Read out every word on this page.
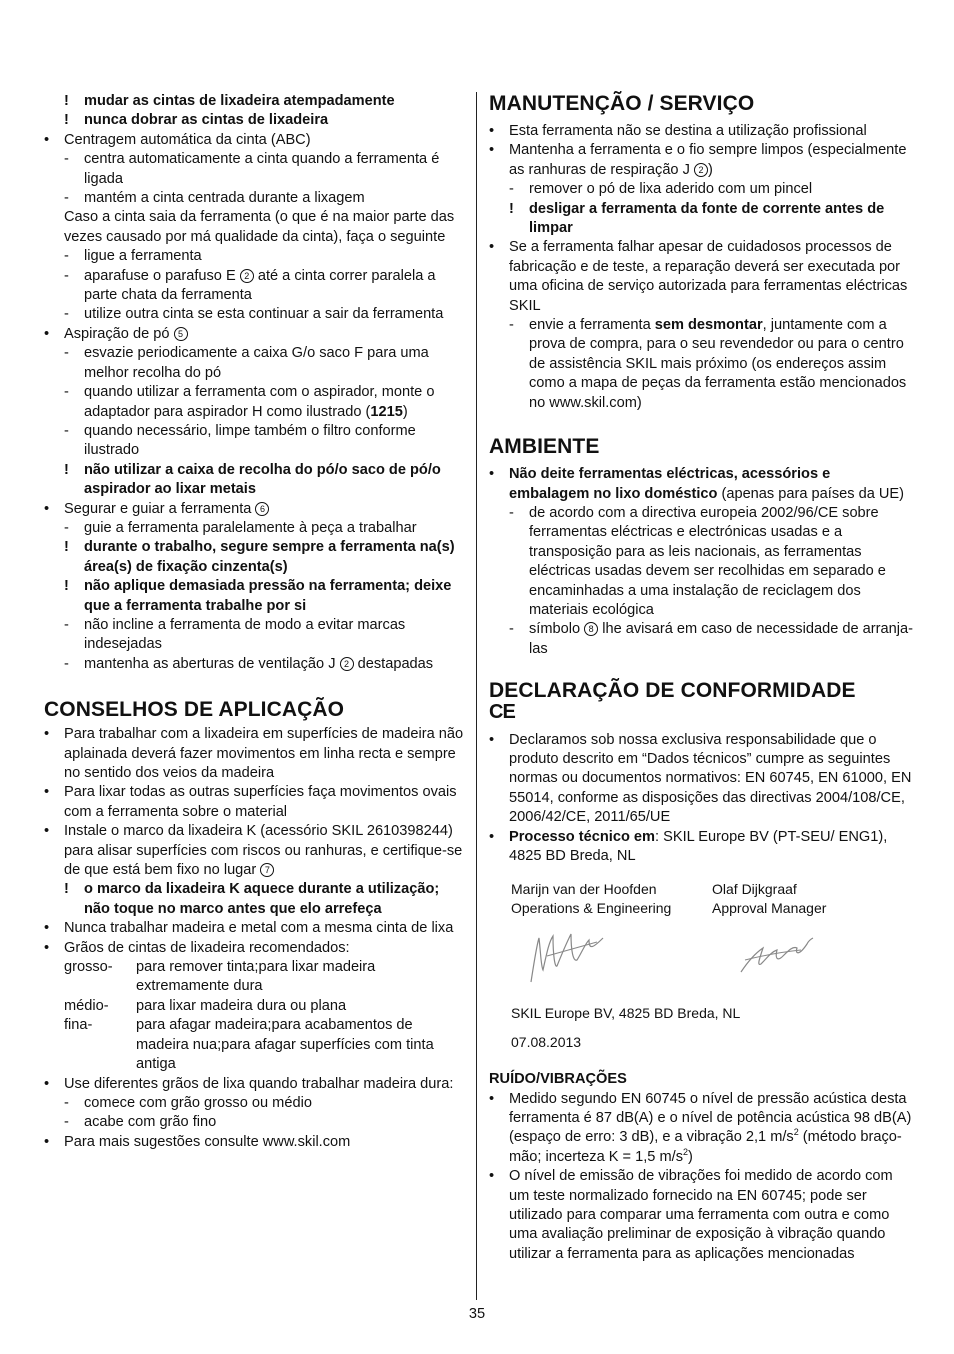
!	mudar as cintas de lixadeira atempadamente
!	nunca dobrar as cintas de lixadeira
•	Centragem automática da cinta (ABC)
-	centra automaticamente a cinta quando a ferramenta é ligada
-	mantém a cinta centrada durante a lixagem
Caso a cinta saia da ferramenta (o que é na maior parte das vezes causado por má qualidade da cinta), faça o seguinte
-	ligue a ferramenta
-	aparafuse o parafuso E 2 até a cinta correr paralela a parte chata da ferramenta
-	utilize outra cinta se esta continuar a sair da ferramenta
•	Aspiração de pó 5
-	esvazie periodicamente a caixa G/o saco F para uma melhor recolha do pó
-	quando utilizar a ferramenta com o aspirador, monte o adaptador para aspirador H como ilustrado (1215)
-	quando necessário, limpe também o filtro conforme ilustrado
!	não utilizar a caixa de recolha do pó/o saco de pó/o aspirador ao lixar metais
•	Segurar e guiar a ferramenta 6
-	guie a ferramenta paralelamente à peça a trabalhar
!	durante o trabalho, segure sempre a ferramenta na(s) área(s) de fixação cinzenta(s)
!	não aplique demasiada pressão na ferramenta; deixe que a ferramenta trabalhe por si
-	não incline a ferramenta de modo a evitar marcas indesejadas
-	mantenha as aberturas de ventilação J 2 destapadas
CONSELHOS DE APLICAÇÃO
•	Para trabalhar com a lixadeira em superfícies de madeira não aplainada deverá fazer movimentos em linha recta e sempre no sentido dos veios da madeira
•	Para lixar todas as outras superfícies faça movimentos ovais com a ferramenta sobre o material
•	Instale o marco da lixadeira K (acessório SKIL 2610398244) para alisar superfícies com riscos ou ranhuras, e certifique-se de que está bem fixo no lugar 7
!	o marco da lixadeira K aquece durante a utilização; não toque no marco antes que elo arrefeça
•	Nunca trabalhar madeira e metal com a mesma cinta de lixa
•	Grãos de cintas de lixadeira recomendados:
grosso-	para remover tinta;para lixar madeira extremamente dura
médio-	para lixar madeira dura ou plana
fina-	para afagar madeira;para acabamentos de madeira nua;para afagar superfícies com tinta antiga
•	Use diferentes grãos de lixa quando trabalhar madeira dura:
-	comece com grão grosso ou médio
-	acabe com grão fino
•	Para mais sugestões consulte www.skil.com
MANUTENÇÃO / SERVIÇO
•	Esta ferramenta não se destina a utilização profissional
•	Mantenha a ferramenta e o fio sempre limpos (especialmente as ranhuras de respiração J 2 )
-	remover o pó de lixa aderido com um pincel
!	desligar a ferramenta da fonte de corrente antes de limpar
•	Se a ferramenta falhar apesar de cuidadosos processos de fabricação e de teste, a reparação deverá ser executada por uma oficina de serviço autorizada para ferramentas eléctricas SKIL
-	envie a ferramenta sem desmontar, juntamente com a prova de compra, para o seu revendedor ou para o centro de assistência SKIL mais próximo (os endereços assim como a mapa de peças da ferramenta estão mencionados no www.skil.com)
AMBIENTE
•	Não deite ferramentas eléctricas, acessórios e embalagem no lixo doméstico (apenas para países da UE)
-	de acordo com a directiva europeia 2002/96/CE sobre ferramentas eléctricas e electrónicas usadas e a transposição para as leis nacionais, as ferramentas eléctricas usadas devem ser recolhidas em separado e encaminhadas a uma instalação de reciclagem dos materiais ecológica
-	símbolo 8 lhe avisará em caso de necessidade de arranja-las
DECLARAÇÃO DE CONFORMIDADE
CE
•	Declaramos sob nossa exclusiva responsabilidade que o produto descrito em “Dados técnicos” cumpre as seguintes normas ou documentos normativos: EN 60745, EN 61000, EN 55014, conforme as disposições das directivas 2004/108/CE, 2006/42/CE, 2011/65/UE
•	Processo técnico em: SKIL Europe BV (PT-SEU/ ENG1), 4825 BD Breda, NL
Marijn van der Hoofden
Operations & Engineering
Olaf Dijkgraaf
Approval Manager
SKIL Europe BV, 4825 BD Breda, NL
07.08.2013
RUÍDO/VIBRAÇÕES
•	Medido segundo EN 60745 o nível de pressão acústica desta ferramenta é 87 dB(A) e o nível de potência acústica 98 dB(A) (espaço de erro: 3 dB), e a vibração 2,1 $m/s^2$ (método braço-mão; incerteza K = 1,5 $m/s^2$)
•	O nível de emissão de vibrações foi medido de acordo com um teste normalizado fornecido na EN 60745; pode ser utilizado para comparar uma ferramenta com outra e como uma avaliação preliminar de exposição à vibração quando utilizar a ferramenta para as aplicações mencionadas
35
